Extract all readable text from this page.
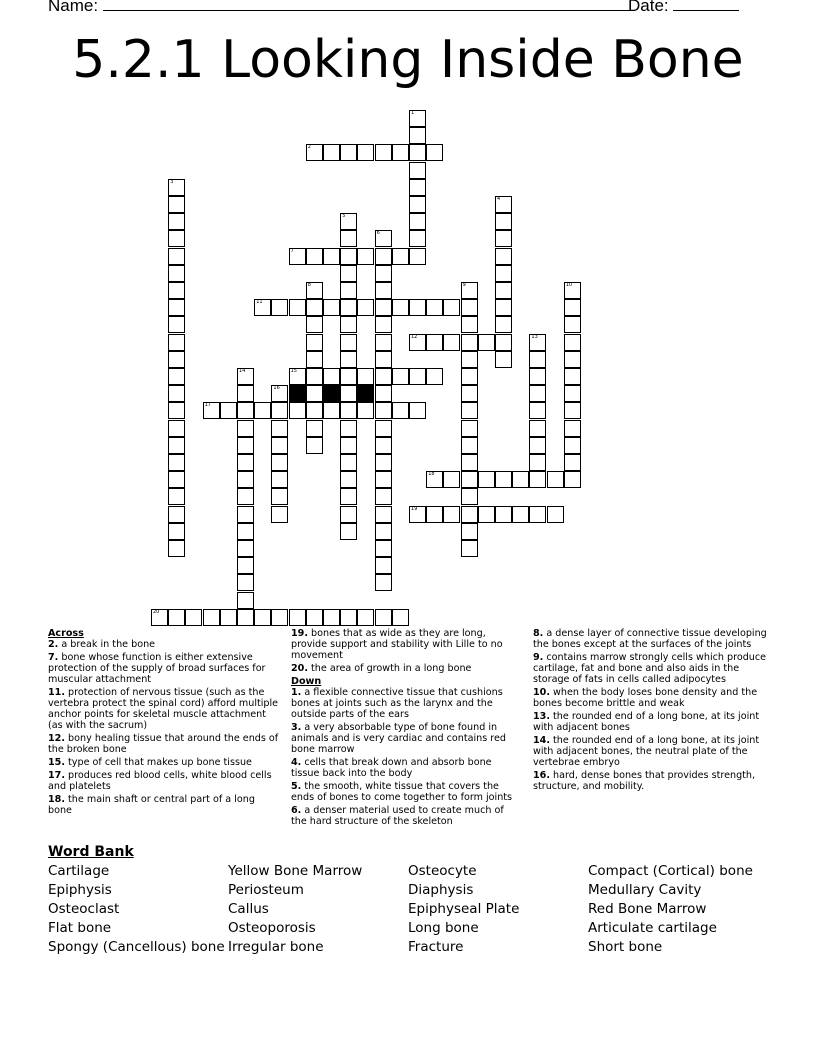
Name:	Date:
5.2.1 Looking Inside Bone
1
2
3
4
5
6
7
8	9	10
11
12	13
14	15
16
17
18
19
20
Across
2. a break in the bone
7. bone whose function is either extensive protection of the supply of broad surfaces for muscular attachment
11. protection of nervous tissue (such as the vertebra protect the spinal cord) afford multiple anchor points for skeletal muscle attachment (as with the sacrum)
12. bony healing tissue that around the ends of the broken bone
15. type of cell that makes up bone tissue
17. produces red blood cells, white blood cells and platelets
18. the main shaft or central part of a long bone
19. bones that as wide as they are long, provide support and stability with Lille to no movement
20. the area of growth in a long bone
Down
1. a flexible connective tissue that cushions bones at joints such as the larynx and the outside parts of the ears
3. a very absorbable type of bone found in animals and is very cardiac and contains red bone marrow
4. cells that break down and absorb bone tissue back into the body
5. the smooth, white tissue that covers the ends of bones to come together to form joints
6. a denser material used to create much of the hard structure of the skeleton
8. a dense layer of connective tissue developing the bones except at the surfaces of the joints
9. contains marrow strongly cells which produce cartilage, fat and bone and also aids in the storage of fats in cells called adipocytes
10. when the body loses bone density and the bones become brittle and weak
13. the rounded end of a long bone, at its joint with adjacent bones
14. the rounded end of a long bone, at its joint with adjacent bones, the neutral plate of the vertebrae embryo
16. hard, dense bones that provides strength, structure, and mobility.
Word Bank
Cartilage
Epiphysis
Osteoclast
Flat bone
Spongy (Cancellous) bone
Yellow Bone Marrow
Periosteum
Callus
Osteoporosis
Irregular bone
Osteocyte
Diaphysis
Epiphyseal Plate
Long bone
Fracture
Compact (Cortical) bone
Medullary Cavity
Red Bone Marrow
Articulate cartilage
Short bone
